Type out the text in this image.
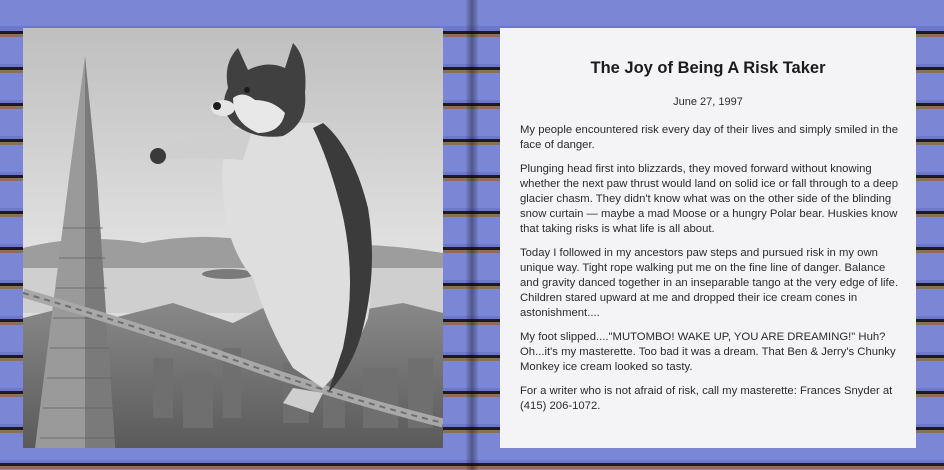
The Joy of Being A Risk Taker
June 27, 1997

My people encountered risk every day of their lives and simply smiled in the face of danger.

Plunging head first into blizzards, they moved forward without knowing whether the next paw thrust would land on solid ice or fall through to a deep glacier chasm. They didn't know what was on the other side of the blinding snow curtain — maybe a mad Moose or a hungry Polar bear. Huskies know that taking risks is what life is all about.

Today I followed in my ancestors paw steps and pursued risk in my own unique way. Tight rope walking put me on the fine line of danger. Balance and gravity danced together in an inseparable tango at the very edge of life. Children stared upward at me and dropped their ice cream cones in astonishment....

My foot slipped...."MUTOMBO! WAKE UP, YOU ARE DREAMING!" Huh? Oh...it's my masterette. Too bad it was a dream. That Ben & Jerry's Chunky Monkey ice cream looked so tasty.

For a writer who is not afraid of risk, call my masterette: Frances Snyder at (415) 206-1072.
